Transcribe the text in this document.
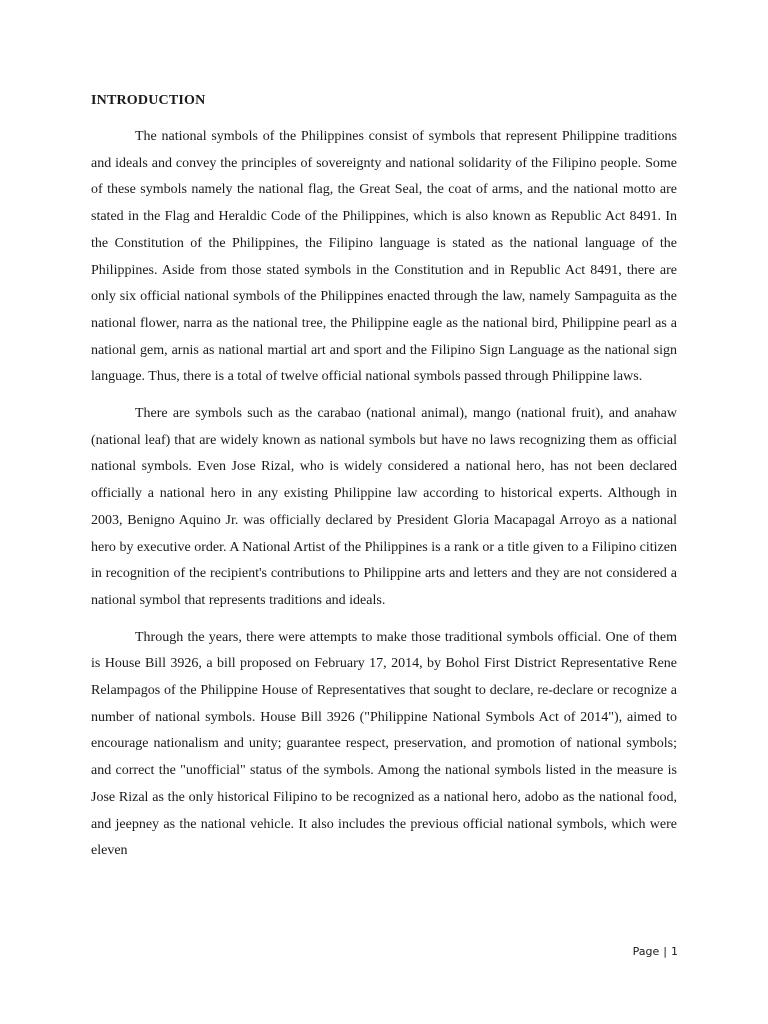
INTRODUCTION

The national symbols of the Philippines consist of symbols that represent Philippine traditions and ideals and convey the principles of sovereignty and national solidarity of the Filipino people. Some of these symbols namely the national flag, the Great Seal, the coat of arms, and the national motto are stated in the Flag and Heraldic Code of the Philippines, which is also known as Republic Act 8491. In the Constitution of the Philippines, the Filipino language is stated as the national language of the Philippines. Aside from those stated symbols in the Constitution and in Republic Act 8491, there are only six official national symbols of the Philippines enacted through the law, namely Sampaguita as the national flower, narra as the national tree, the Philippine eagle as the national bird, Philippine pearl as a national gem, arnis as national martial art and sport and the Filipino Sign Language as the national sign language. Thus, there is a total of twelve official national symbols passed through Philippine laws.

There are symbols such as the carabao (national animal), mango (national fruit), and anahaw (national leaf) that are widely known as national symbols but have no laws recognizing them as official national symbols. Even Jose Rizal, who is widely considered a national hero, has not been declared officially a national hero in any existing Philippine law according to historical experts. Although in 2003, Benigno Aquino Jr. was officially declared by President Gloria Macapagal Arroyo as a national hero by executive order. A National Artist of the Philippines is a rank or a title given to a Filipino citizen in recognition of the recipient's contributions to Philippine arts and letters and they are not considered a national symbol that represents traditions and ideals.

Through the years, there were attempts to make those traditional symbols official. One of them is House Bill 3926, a bill proposed on February 17, 2014, by Bohol First District Representative Rene Relampagos of the Philippine House of Representatives that sought to declare, re-declare or recognize a number of national symbols. House Bill 3926 ("Philippine National Symbols Act of 2014"), aimed to encourage nationalism and unity; guarantee respect, preservation, and promotion of national symbols; and correct the "unofficial" status of the symbols. Among the national symbols listed in the measure is Jose Rizal as the only historical Filipino to be recognized as a national hero, adobo as the national food, and jeepney as the national vehicle. It also includes the previous official national symbols, which were eleven

Page | 1
